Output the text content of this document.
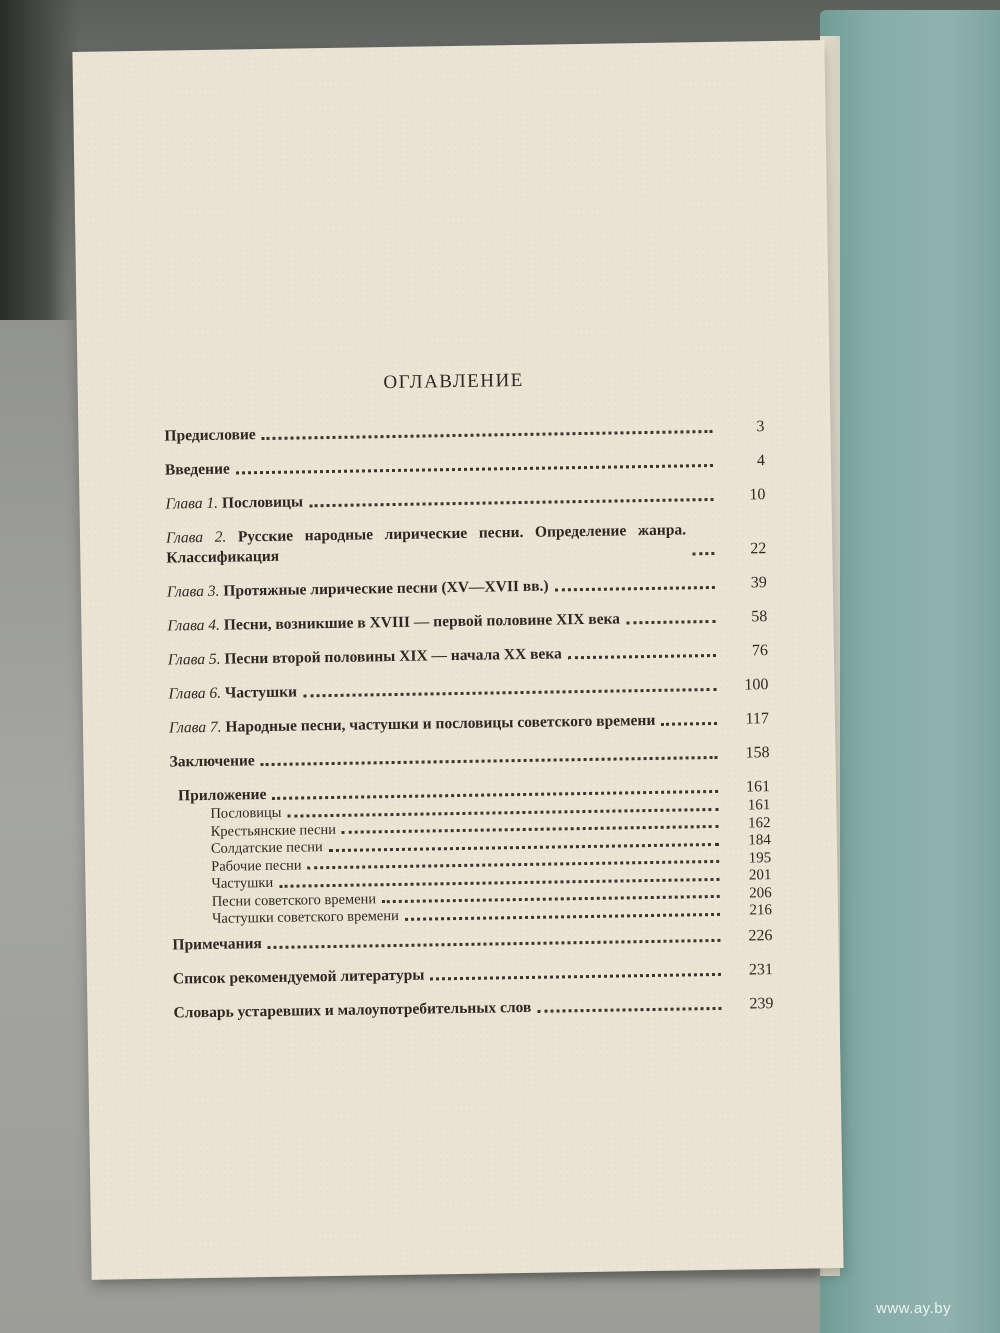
ОГЛАВЛЕНИЕ
Предисловие	3
Введение	4
Глава 1. Пословицы	10
Глава 2. Русские народные лирические песни. Определение жанра. Классификация	22
Глава 3. Протяжные лирические песни (XV—XVII вв.)	39
Глава 4. Песни, возникшие в XVIII — первой половине XIX века	58
Глава 5. Песни второй половины XIX — начала XX века	76
Глава 6. Частушки	100
Глава 7. Народные песни, частушки и пословицы советского времени	117
Заключение	158
Приложение	161
Пословицы	161
Крестьянские песни	162
Солдатские песни	184
Рабочие песни	195
Частушки	201
Песни советского времени	206
Частушки советского времени	216
Примечания	226
Список рекомендуемой литературы	231
Словарь устаревших и малоупотребительных слов	239
www.ay.by
